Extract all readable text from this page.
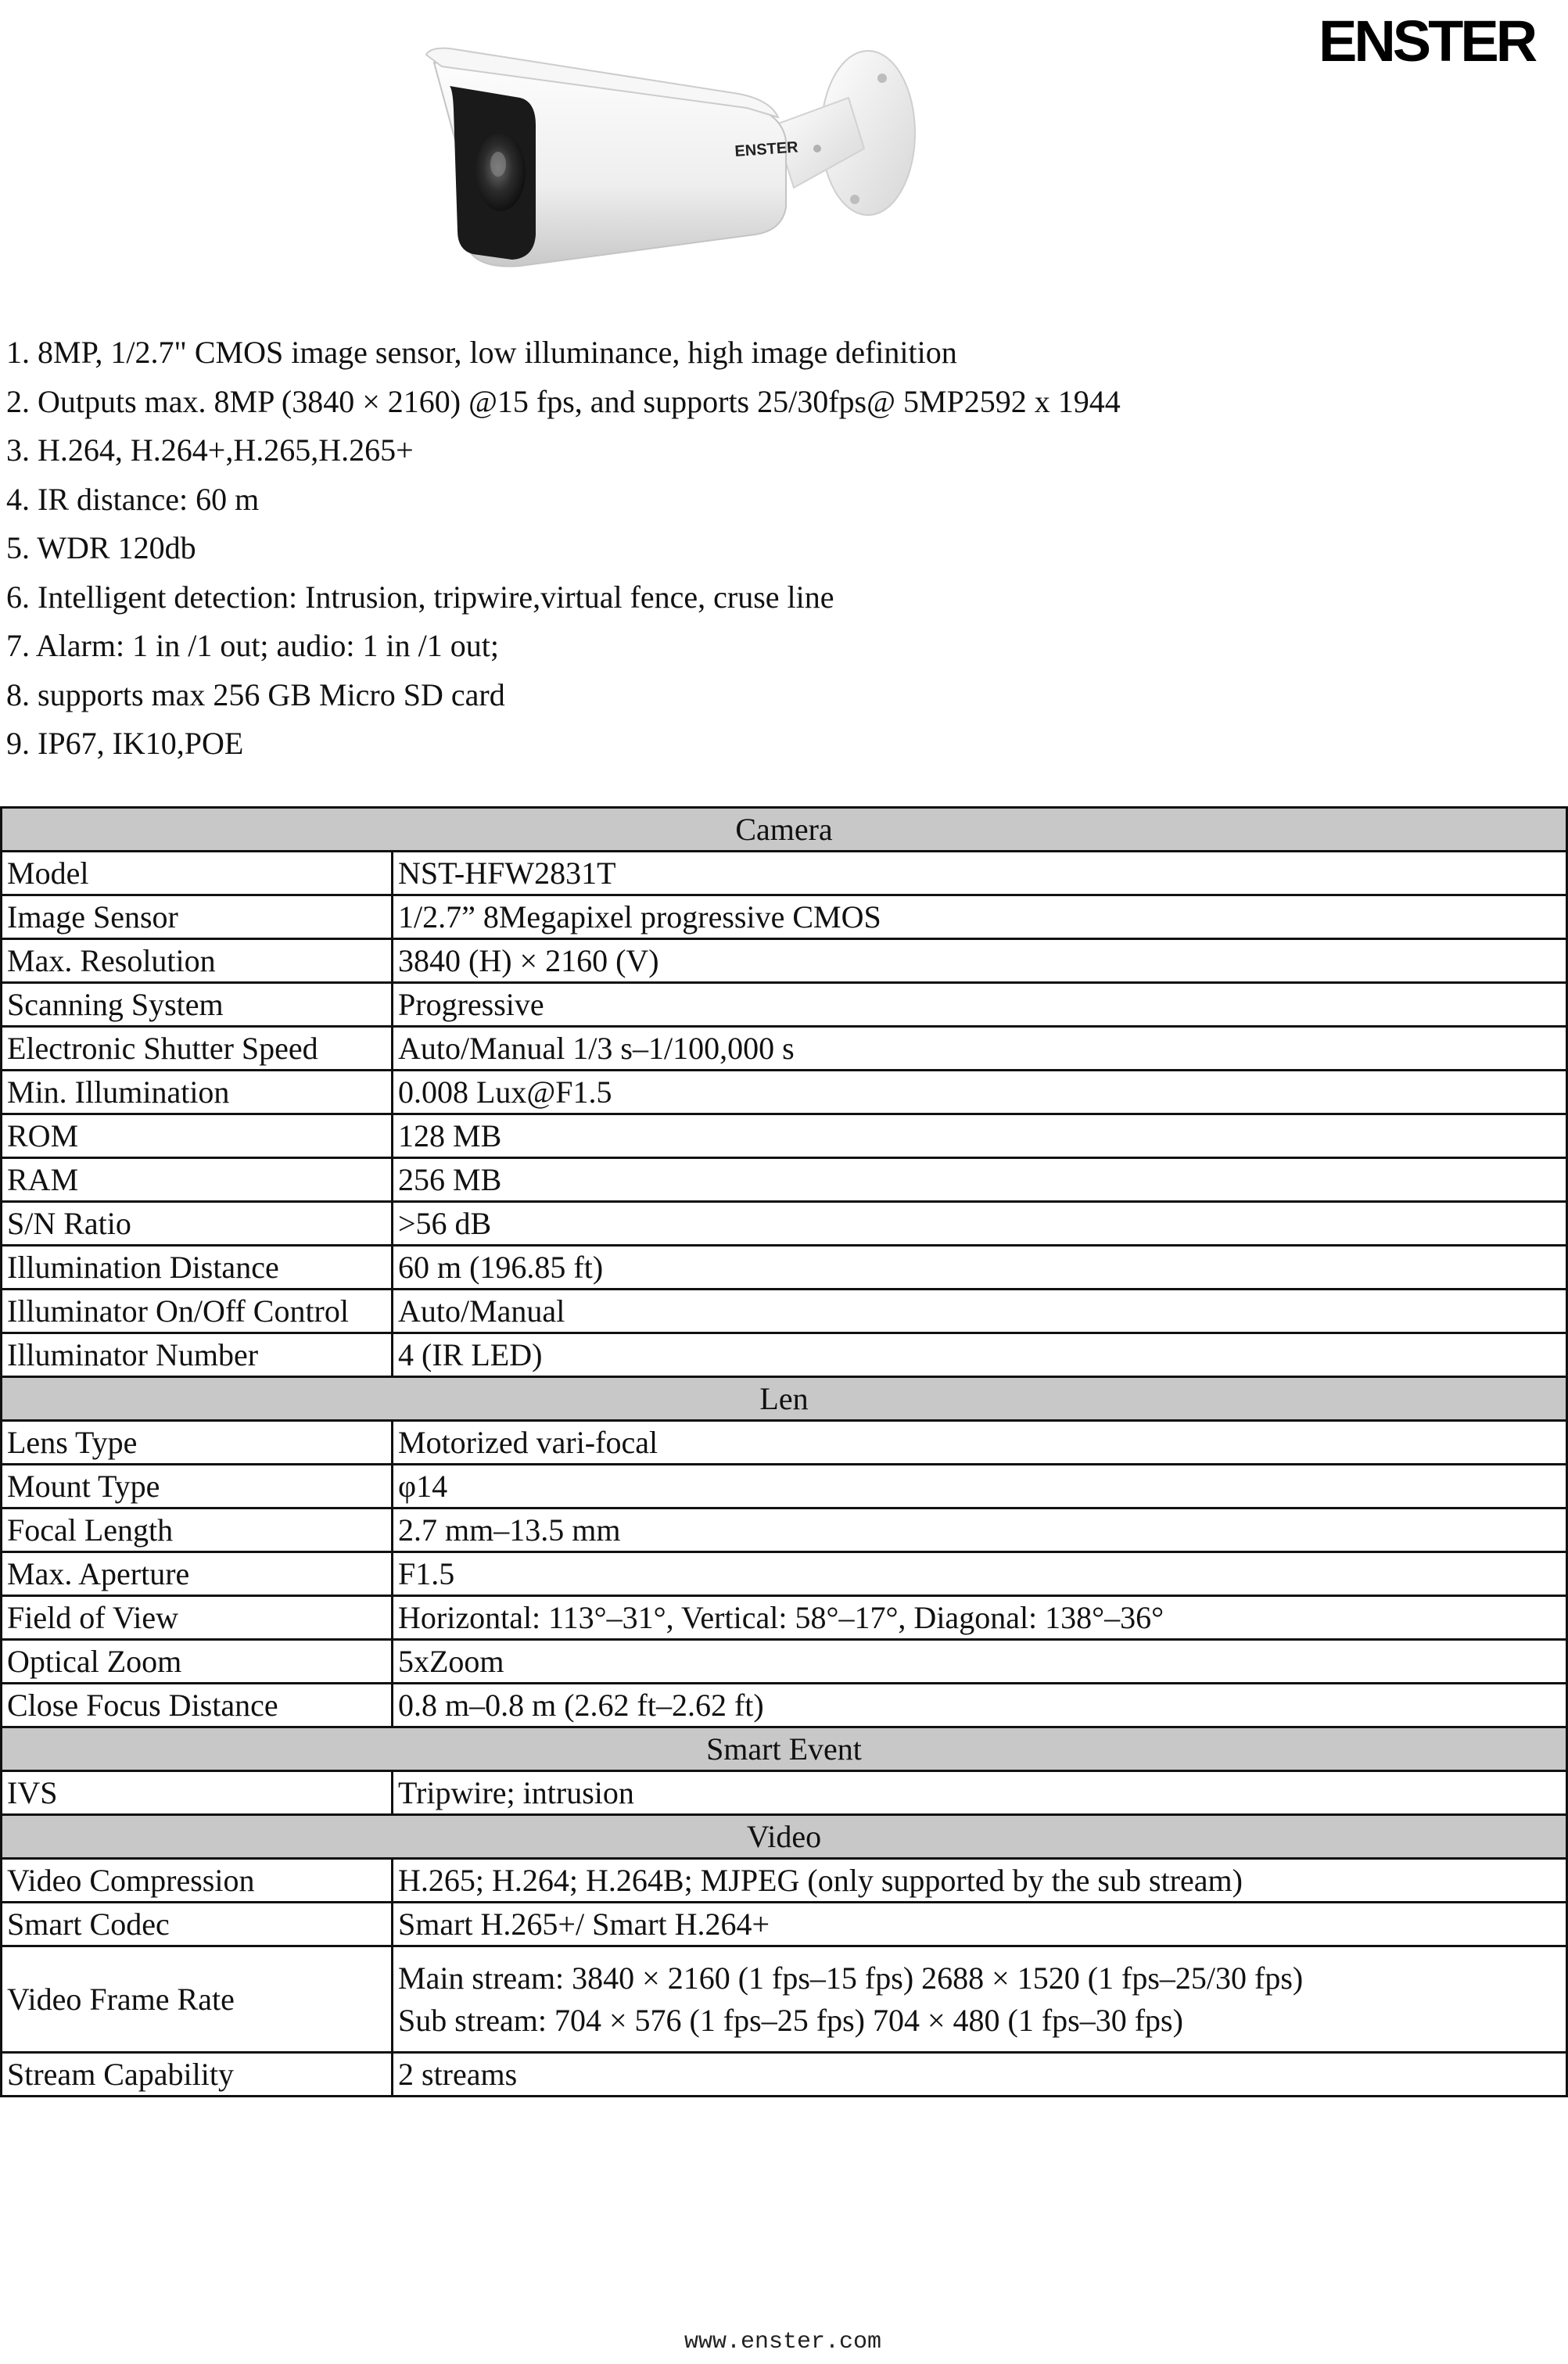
ENSTER
ENSTER
1. 8MP, 1/2.7" CMOS image sensor, low illuminance, high image definition
2. Outputs max. 8MP (3840 × 2160) @15 fps, and supports 25/30fps@ 5MP2592 x 1944
3. H.264, H.264+,H.265,H.265+
4. IR distance: 60 m
5. WDR 120db
6. Intelligent detection: Intrusion, tripwire,virtual fence, cruse line
7. Alarm: 1 in /1 out; audio: 1 in /1 out;
8. supports max 256 GB Micro SD card
9. IP67, IK10,POE
Camera	
Model	NST-HFW2831T
Image Sensor	1/2.7” 8Megapixel progressive CMOS
Max. Resolution	3840 (H) × 2160 (V)
Scanning System	Progressive
Electronic Shutter Speed	Auto/Manual 1/3 s–1/100,000 s
Min. Illumination	0.008 Lux@F1.5
ROM	128 MB
RAM	256 MB
S/N Ratio	>56 dB
Illumination Distance	60 m (196.85 ft)
Illuminator On/Off Control	Auto/Manual
Illuminator Number	4 (IR LED)
Len	
Lens Type	Motorized vari-focal
Mount Type	φ14
Focal Length	2.7 mm–13.5 mm
Max. Aperture	F1.5
Field of View	Horizontal: 113°–31°, Vertical: 58°–17°, Diagonal: 138°–36°
Optical Zoom	5xZoom
Close Focus Distance	0.8 m–0.8 m (2.62 ft–2.62 ft)
Smart Event	
IVS	Tripwire; intrusion
Video	
Video Compression	H.265; H.264; H.264B; MJPEG (only supported by the sub stream)
Smart Codec	Smart H.265+/ Smart H.264+
Video Frame Rate	Main stream: 3840 × 2160 (1 fps–15 fps) 2688 × 1520 (1 fps–25/30 fps)
Sub stream: 704 × 576 (1 fps–25 fps) 704 × 480 (1 fps–30 fps)

Stream Capability	2 streams
www.enster.com
